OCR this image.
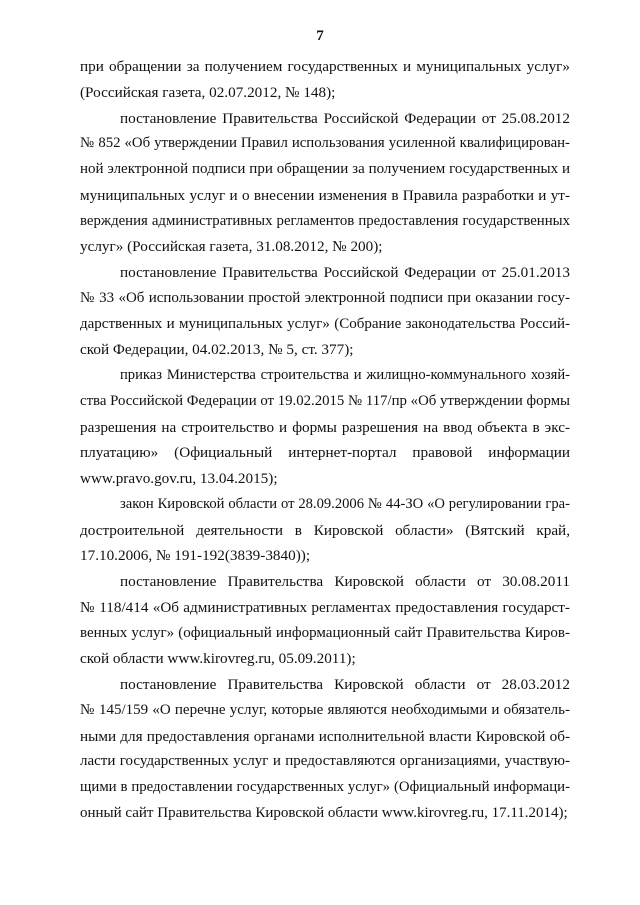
7
при обращении за получением государственных и муниципальных услуг»
(Российская газета, 02.07.2012, № 148);
постановление Правительства Российской Федерации от 25.08.2012
№ 852 «Об утверждении Правил использования усиленной квалифицирован-
ной электронной подписи при обращении за получением государственных и
муниципальных услуг и о внесении изменения в Правила разработки и ут-
верждения административных регламентов предоставления государственных
услуг» (Российская газета, 31.08.2012, № 200);
постановление Правительства Российской Федерации от 25.01.2013
№ 33 «Об использовании простой электронной подписи при оказании госу-
дарственных и муниципальных услуг» (Собрание законодательства Россий-
ской Федерации, 04.02.2013, № 5, ст. 377);
приказ Министерства строительства и жилищно-коммунального хозяй-
ства Российской Федерации от 19.02.2015 № 117/пр «Об утверждении формы
разрешения на строительство и формы разрешения на ввод объекта в экс-
плуатацию» (Официальный интернет-портал правовой информации
www.pravo.gov.ru, 13.04.2015);
закон Кировской области от 28.09.2006 № 44-ЗО «О регулировании гра-
достроительной деятельности в Кировской области» (Вятский край,
17.10.2006, № 191-192(3839-3840));
постановление Правительства Кировской области от 30.08.2011
№ 118/414 «Об административных регламентах предоставления государст-
венных услуг» (официальный информационный сайт Правительства Киров-
ской области www.kirovreg.ru, 05.09.2011);
постановление Правительства Кировской области от 28.03.2012
№ 145/159 «О перечне услуг, которые являются необходимыми и обязатель-
ными для предоставления органами исполнительной власти Кировской об-
ласти государственных услуг и предоставляются организациями, участвую-
щими в предоставлении государственных услуг» (Официальный информаци-
онный сайт Правительства Кировской области www.kirovreg.ru, 17.11.2014);
